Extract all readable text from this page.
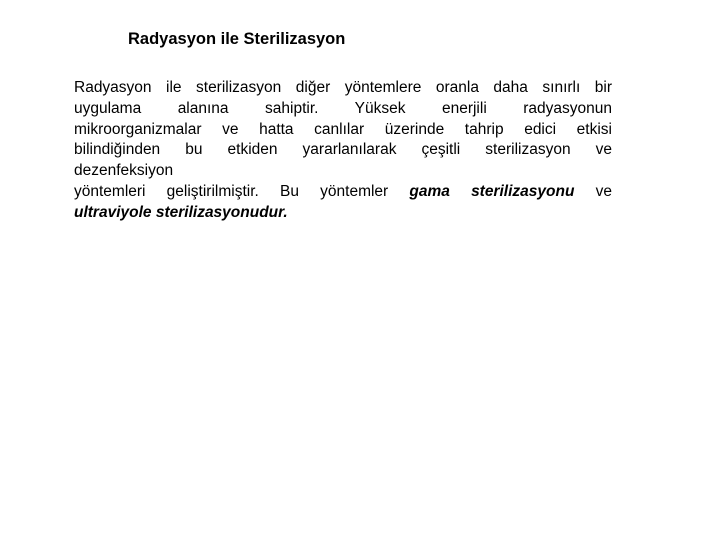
Radyasyon ile Sterilizasyon
Radyasyon ile sterilizasyon diğer yöntemlere oranla daha sınırlı bir
uygulama alanına sahiptir. Yüksek enerjili radyasyonun
mikroorganizmalar ve hatta canlılar üzerinde tahrip edici etkisi
bilindiğinden bu etkiden yararlanılarak çeşitli sterilizasyon ve
dezenfeksiyon
yöntemleri geliştirilmiştir. Bu yöntemler gama sterilizasyonu ve
ultraviyole sterilizasyonudur.
